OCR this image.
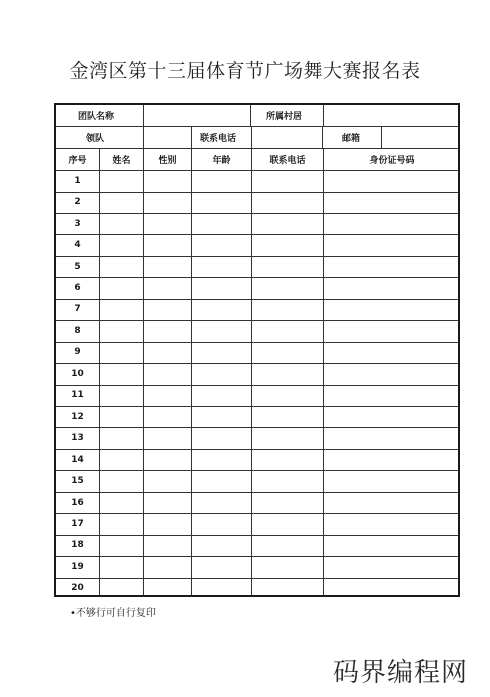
金湾区第十三届体育节广场舞大赛报名表
团队名称	所属村居
领队	联系电话	邮箱
序号	姓名	性别	年龄	联系电话	身份证号码
1
2
3
4
5
6
7
8
9
10
11
12
13
14
15
16
17
18
19
20
•不够行可自行复印
码界编程网
